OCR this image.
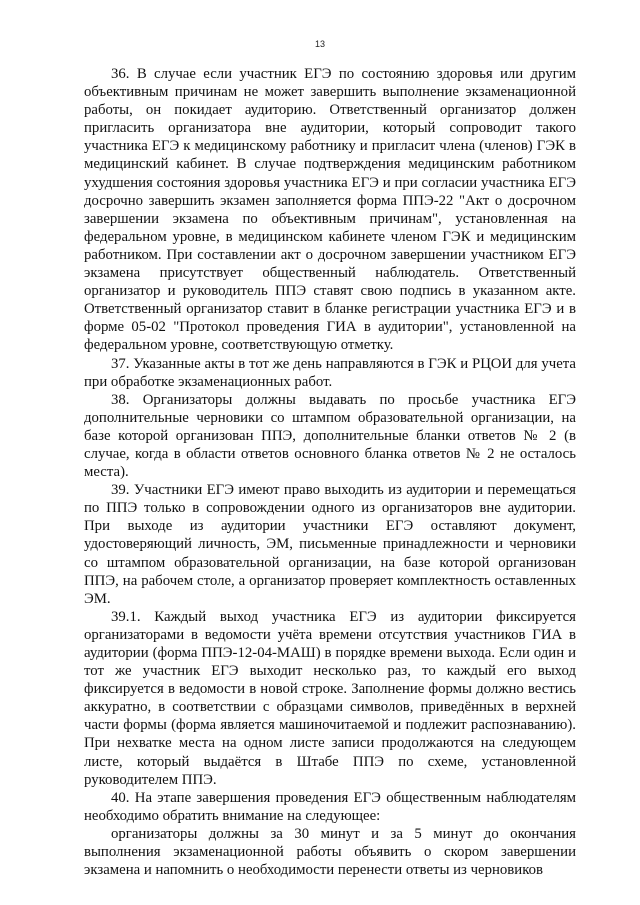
13

36. В случае если участник ЕГЭ по состоянию здоровья или другим объективным причинам не может завершить выполнение экзаменационной работы, он покидает аудиторию. Ответственный организатор должен пригласить организатора вне аудитории, который сопроводит такого участника ЕГЭ к медицинскому работнику и пригласит члена (членов) ГЭК в медицинский кабинет. В случае подтверждения медицинским работником ухудшения состояния здоровья участника ЕГЭ и при согласии участника ЕГЭ досрочно завершить экзамен заполняется форма ППЭ-22 "Акт о досрочном завершении экзамена по объективным причинам", установленная на федеральном уровне, в медицинском кабинете членом ГЭК и медицинским работником. При составлении акт о досрочном завершении участником ЕГЭ экзамена присутствует общественный наблюдатель. Ответственный организатор и руководитель ППЭ ставят свою подпись в указанном акте. Ответственный организатор ставит в бланке регистрации участника ЕГЭ и в форме 05-02 "Протокол проведения ГИА в аудитории", установленной на федеральном уровне, соответствующую отметку.

37. Указанные акты в тот же день направляются в ГЭК и РЦОИ для учета при обработке экзаменационных работ.

38. Организаторы должны выдавать по просьбе участника ЕГЭ дополнительные черновики со штампом образовательной организации, на базе которой организован ППЭ, дополнительные бланки ответов № 2 (в случае, когда в области ответов основного бланка ответов № 2 не осталось места).

39. Участники ЕГЭ имеют право выходить из аудитории и перемещаться по ППЭ только в сопровождении одного из организаторов вне аудитории. При выходе из аудитории участники ЕГЭ оставляют документ, удостоверяющий личность, ЭМ, письменные принадлежности и черновики со штампом образовательной организации, на базе которой организован ППЭ, на рабочем столе, а организатор проверяет комплектность оставленных ЭМ.

39.1. Каждый выход участника ЕГЭ из аудитории фиксируется организаторами в ведомости учёта времени отсутствия участников ГИА в аудитории (форма ППЭ-12-04-МАШ) в порядке времени выхода. Если один и тот же участник ЕГЭ выходит несколько раз, то каждый его выход фиксируется в ведомости в новой строке. Заполнение формы должно вестись аккуратно, в соответствии с образцами символов, приведённых в верхней части формы (форма является машиночитаемой и подлежит распознаванию). При нехватке места на одном листе записи продолжаются на следующем листе, который выдаётся в Штабе ППЭ по схеме, установленной руководителем ППЭ.

40. На этапе завершения проведения ЕГЭ общественным наблюдателям необходимо обратить внимание на следующее:

организаторы должны за 30 минут и за 5 минут до окончания выполнения экзаменационной работы объявить о скором завершении экзамена и напомнить о необходимости перенести ответы из черновиков
